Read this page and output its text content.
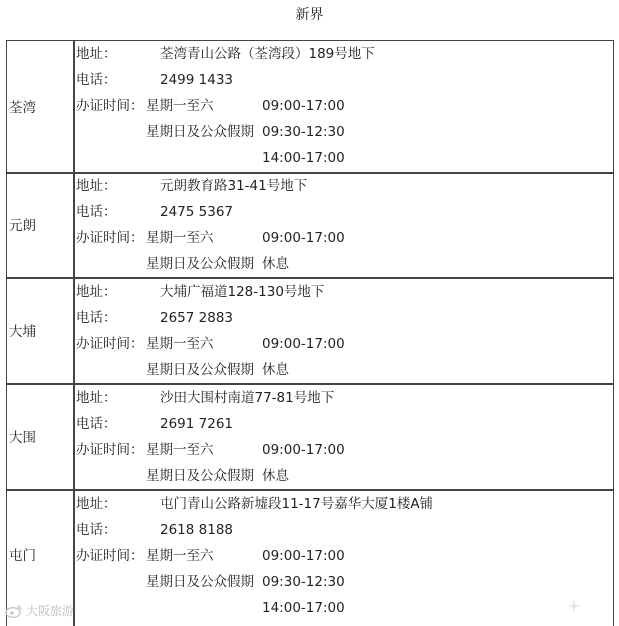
新界
荃湾
地址：	荃湾青山公路（荃湾段）189号地下
电话：	2499 1433
办证时间： 星期一至六	09:00-17:00
星期日及公众假期 09:30-12:30
14:00-17:00
元朗
地址：	元朗教育路31-41号地下
电话：	2475 5367
办证时间： 星期一至六	09:00-17:00
星期日及公众假期 休息
大埔
地址：	大埔广福道128-130号地下
电话：	2657 2883
办证时间： 星期一至六	09:00-17:00
星期日及公众假期 休息
大围
地址：	沙田大围村南道77-81号地下
电话：	2691 7261
办证时间： 星期一至六	09:00-17:00
星期日及公众假期 休息
屯门
地址：	屯门青山公路新墟段11-17号嘉华大厦1楼A铺
电话：	2618 8188
办证时间： 星期一至六	09:00-17:00
星期日及公众假期 09:30-12:30
14:00-17:00
大阪旅游
